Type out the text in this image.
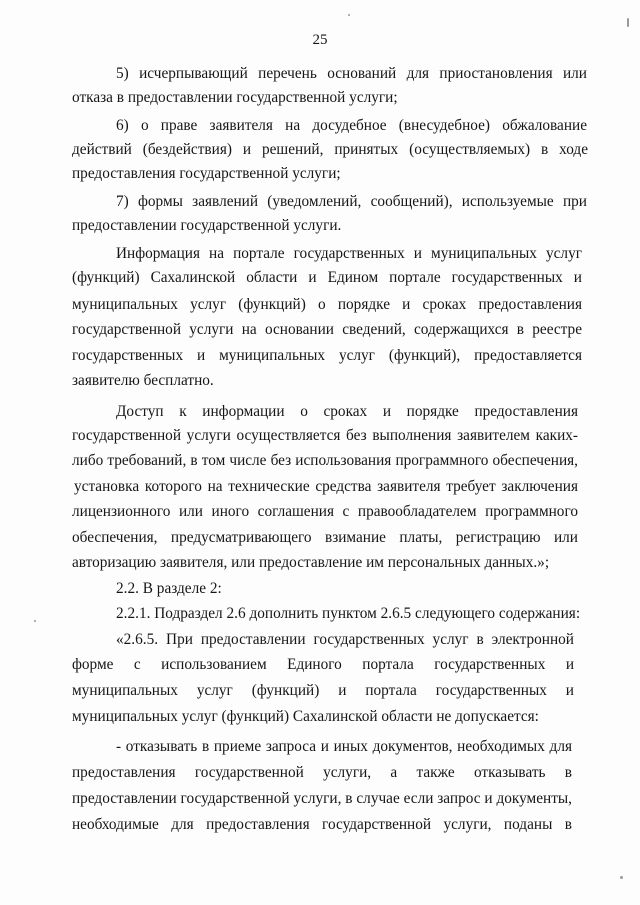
25
5) исчерпывающий перечень оснований для приостановления или
отказа в предоставлении государственной услуги;
6) о праве заявителя на досудебное (внесудебное) обжалование
действий (бездействия) и решений, принятых (осуществляемых) в ходе
предоставления государственной услуги;
7) формы заявлений (уведомлений, сообщений), используемые при
предоставлении государственной услуги.
Информация на портале государственных и муниципальных услуг
(функций) Сахалинской области и Едином портале государственных и
муниципальных услуг (функций) о порядке и сроках предоставления
государственной услуги на основании сведений, содержащихся в реестре
государственных и муниципальных услуг (функций), предоставляется
заявителю бесплатно.
Доступ к информации о сроках и порядке предоставления
государственной услуги осуществляется без выполнения заявителем каких-
либо требований, в том числе без использования программного обеспечения,
установка которого на технические средства заявителя требует заключения
лицензионного или иного соглашения с правообладателем программного
обеспечения, предусматривающего взимание платы, регистрацию или
авторизацию заявителя, или предоставление им персональных данных.»;
2.2. В разделе 2:
2.2.1. Подраздел 2.6 дополнить пунктом 2.6.5 следующего содержания:
«2.6.5. При предоставлении государственных услуг в электронной
форме с использованием Единого портала государственных и
муниципальных услуг (функций) и портала государственных и
муниципальных услуг (функций) Сахалинской области не допускается:
- отказывать в приеме запроса и иных документов, необходимых для
предоставления государственной услуги, а также отказывать в
предоставлении государственной услуги, в случае если запрос и документы,
необходимые для предоставления государственной услуги, поданы в
